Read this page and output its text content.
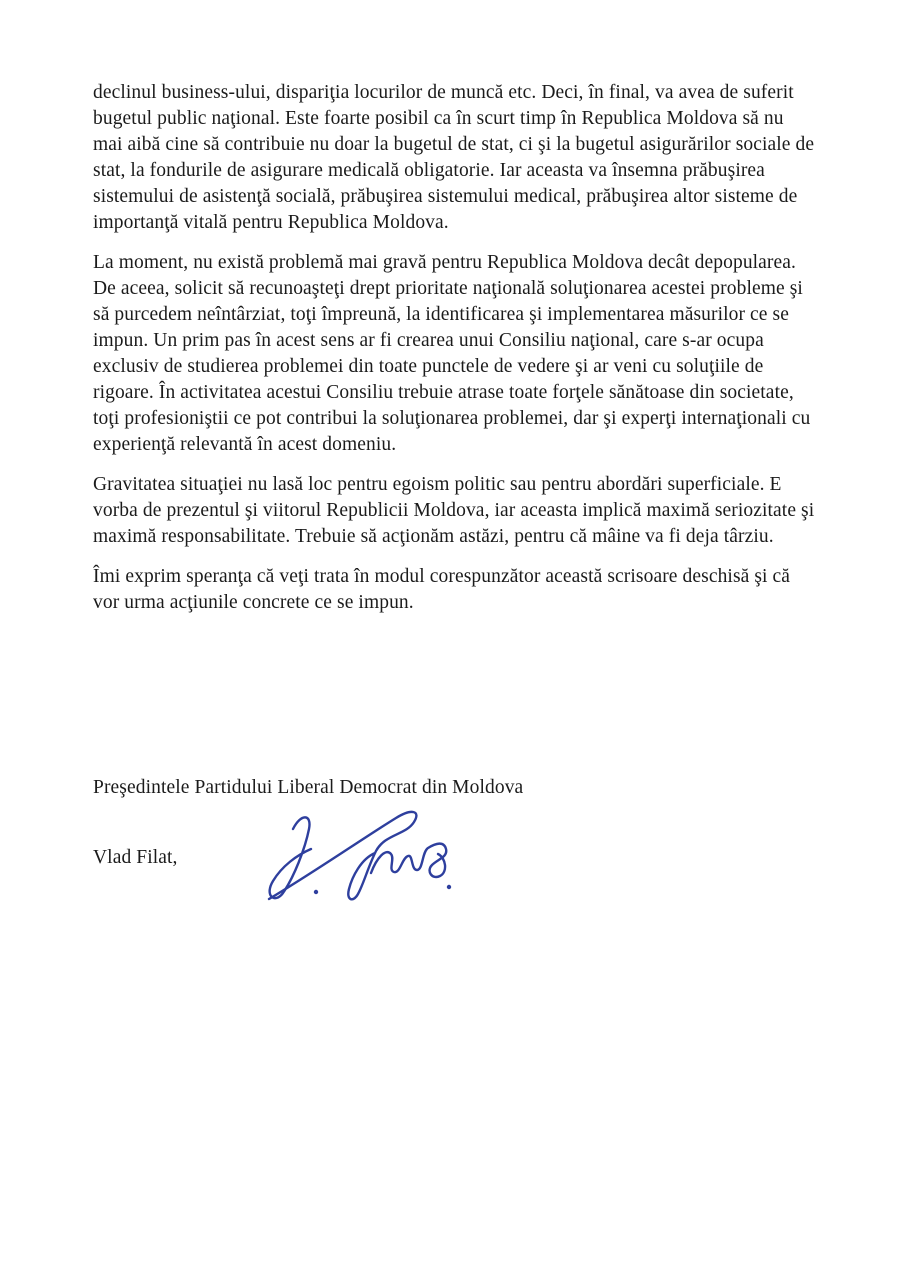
declinul business-ului, dispariţia locurilor de muncă etc. Deci, în final, va avea de suferit
bugetul public naţional. Este foarte posibil ca în scurt timp în Republica Moldova să nu
mai aibă cine să contribuie nu doar la bugetul de stat, ci şi la bugetul asigurărilor sociale de
stat, la fondurile de asigurare medicală obligatorie. Iar aceasta va însemna prăbuşirea
sistemului de asistenţă socială, prăbuşirea sistemului medical, prăbuşirea altor sisteme de
importanţă vitală pentru Republica Moldova.
La moment, nu există problemă mai gravă pentru Republica Moldova decât depopularea.
De aceea, solicit să recunoaşteţi drept prioritate naţională soluţionarea acestei probleme şi
să purcedem neîntârziat, toţi împreună, la identificarea şi implementarea măsurilor ce se
impun. Un prim pas în acest sens ar fi crearea unui Consiliu naţional, care s-ar ocupa
exclusiv de studierea problemei din toate punctele de vedere şi ar veni cu soluţiile de
rigoare. În activitatea acestui Consiliu trebuie atrase toate forţele sănătoase din societate,
toţi profesioniştii ce pot contribui la soluţionarea problemei, dar şi experţi internaţionali cu
experienţă relevantă în acest domeniu.
Gravitatea situaţiei nu lasă loc pentru egoism politic sau pentru abordări superficiale. E
vorba de prezentul şi viitorul Republicii Moldova, iar aceasta implică maximă seriozitate şi
maximă responsabilitate. Trebuie să acţionăm astăzi, pentru că mâine va fi deja târziu.
Îmi exprim speranţa că veţi trata în modul corespunzător această scrisoare deschisă şi că
vor urma acţiunile concrete ce se impun.
Preşedintele Partidului Liberal Democrat din Moldova
Vlad Filat,
